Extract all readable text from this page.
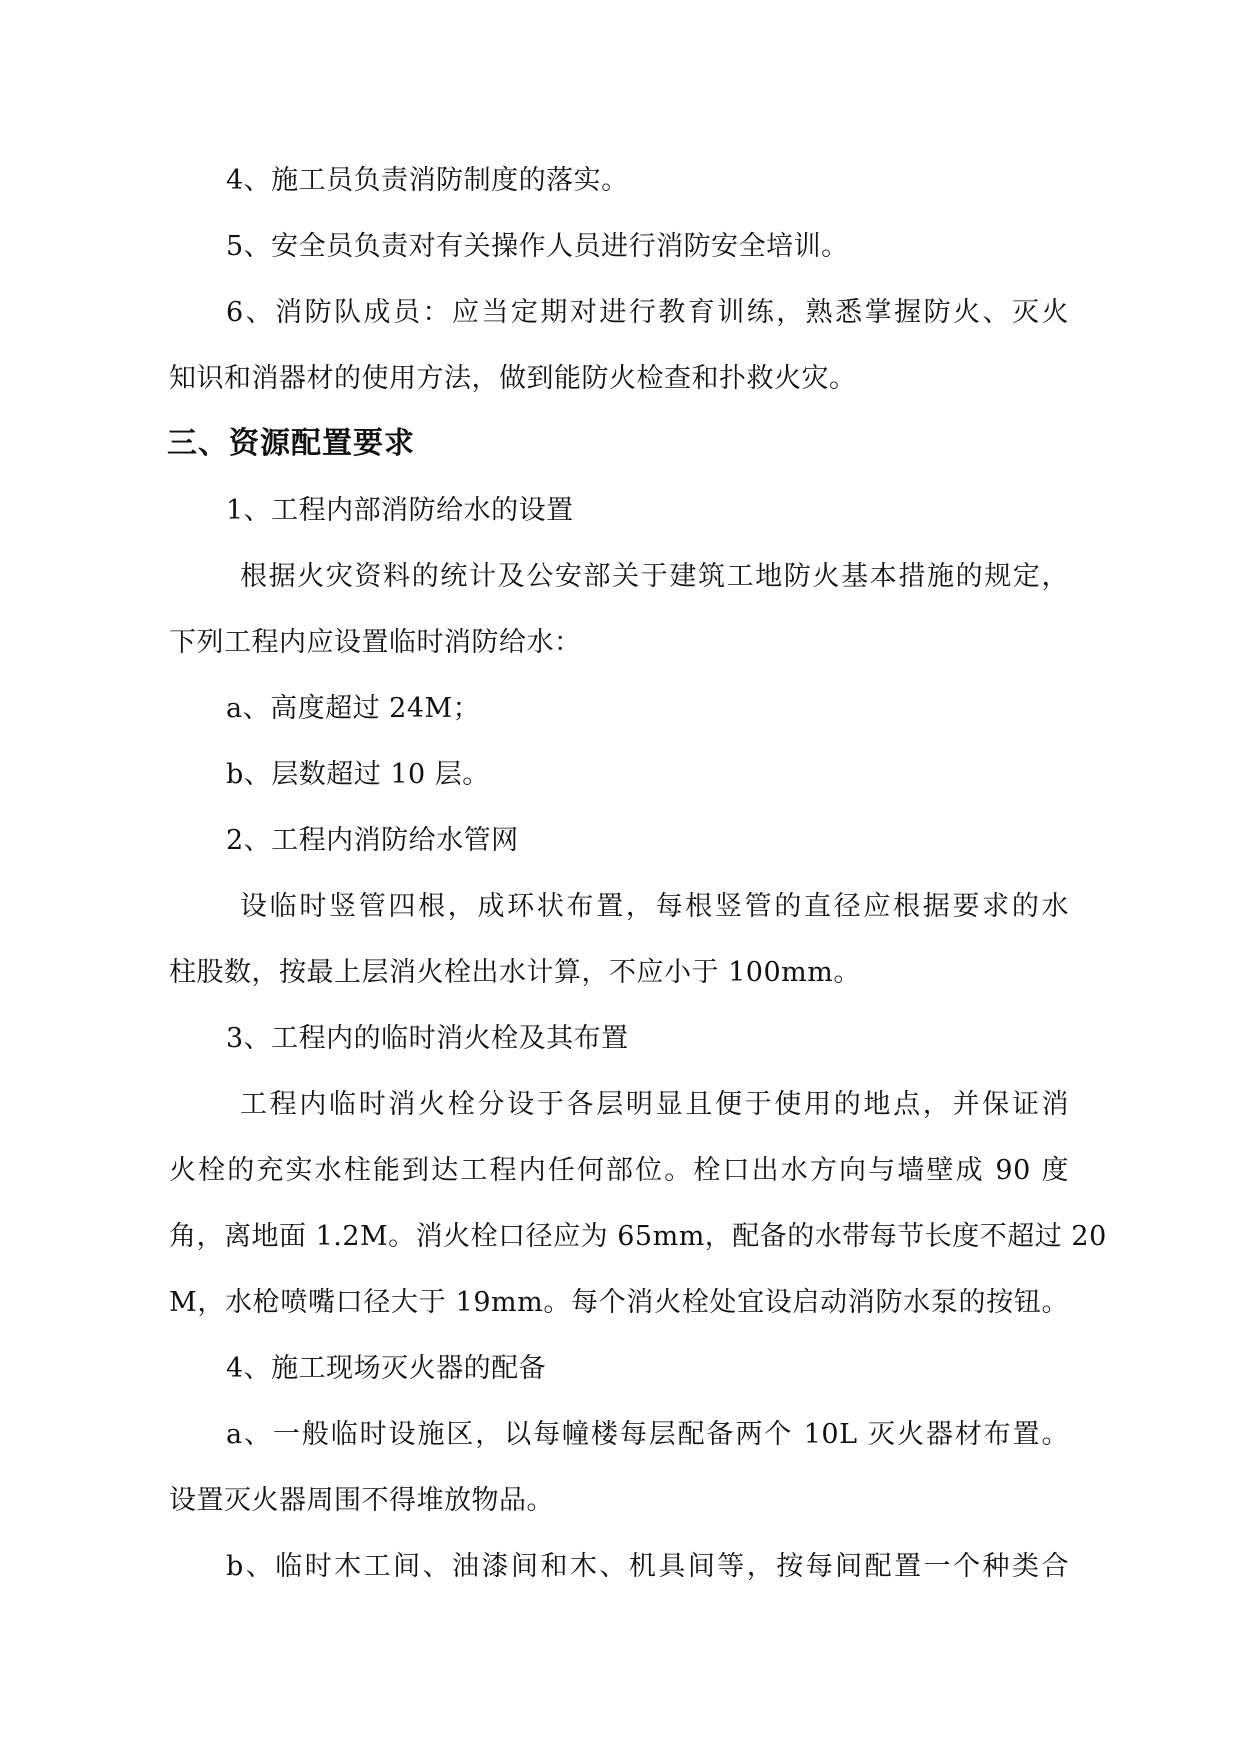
4、施工员负责消防制度的落实。
5、安全员负责对有关操作人员进行消防安全培训。
6、消防队成员：应当定期对进行教育训练，熟悉掌握防火、灭火
知识和消器材的使用方法，做到能防火检查和扑救火灾。
三、资源配置要求
1、工程内部消防给水的设置
根据火灾资料的统计及公安部关于建筑工地防火基本措施的规定，
下列工程内应设置临时消防给水：
a、高度超过 24M；
b、层数超过 10 层。
2、工程内消防给水管网
设临时竖管四根，成环状布置，每根竖管的直径应根据要求的水
柱股数，按最上层消火栓出水计算，不应小于 100mm。
3、工程内的临时消火栓及其布置
工程内临时消火栓分设于各层明显且便于使用的地点，并保证消
火栓的充实水柱能到达工程内任何部位。栓口出水方向与墙壁成 90 度
角，离地面 1.2M。消火栓口径应为 65mm，配备的水带每节长度不超过 20
M，水枪喷嘴口径大于 19mm。每个消火栓处宜设启动消防水泵的按钮。
4、施工现场灭火器的配备
a、一般临时设施区，以每幢楼每层配备两个 10L 灭火器材布置。
设置灭火器周围不得堆放物品。
b、临时木工间、油漆间和木、机具间等，按每间配置一个种类合
